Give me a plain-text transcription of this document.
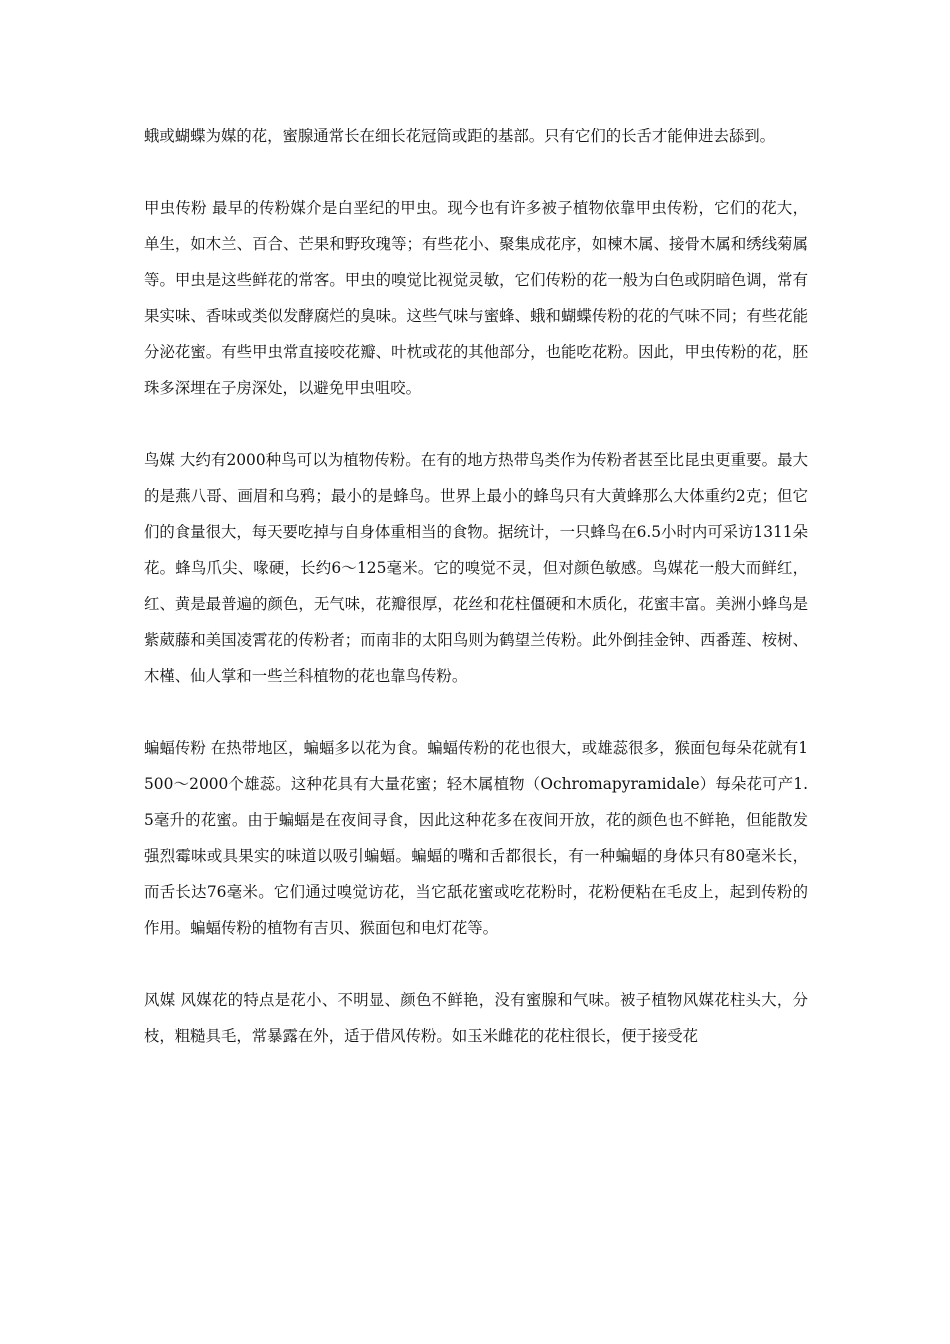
蛾或蝴蝶为媒的花，蜜腺通常长在细长花冠筒或距的基部。只有它们的长舌才能伸进去舔到。

甲虫传粉 最早的传粉媒介是白垩纪的甲虫。现今也有许多被子植物依靠甲虫传粉，它们的花大，单生，如木兰、百合、芒果和野玫瑰等；有些花小、聚集成花序，如楝木属、接骨木属和绣线菊属等。甲虫是这些鲜花的常客。甲虫的嗅觉比视觉灵敏，它们传粉的花一般为白色或阴暗色调，常有果实味、香味或类似发酵腐烂的臭味。这些气味与蜜蜂、蛾和蝴蝶传粉的花的气味不同；有些花能分泌花蜜。有些甲虫常直接咬花瓣、叶枕或花的其他部分，也能吃花粉。因此，甲虫传粉的花，胚珠多深埋在子房深处，以避免甲虫咀咬。

鸟媒 大约有2000种鸟可以为植物传粉。在有的地方热带鸟类作为传粉者甚至比昆虫更重要。最大的是燕八哥、画眉和乌鸦；最小的是蜂鸟。世界上最小的蜂鸟只有大黄蜂那么大体重约2克；但它们的食量很大，每天要吃掉与自身体重相当的食物。据统计，一只蜂鸟在6.5小时内可采访1311朵花。蜂鸟爪尖、喙硬，长约6～125毫米。它的嗅觉不灵，但对颜色敏感。鸟媒花一般大而鲜红，红、黄是最普遍的颜色，无气味，花瓣很厚，花丝和花柱僵硬和木质化，花蜜丰富。美洲小蜂鸟是紫葳藤和美国凌霄花的传粉者；而南非的太阳鸟则为鹤望兰传粉。此外倒挂金钟、西番莲、桉树、木槿、仙人掌和一些兰科植物的花也靠鸟传粉。

蝙蝠传粉 在热带地区，蝙蝠多以花为食。蝙蝠传粉的花也很大，或雄蕊很多，猴面包每朵花就有1500～2000个雄蕊。这种花具有大量花蜜；轻木属植物（Ochromapyramidale）每朵花可产1.5毫升的花蜜。由于蝙蝠是在夜间寻食，因此这种花多在夜间开放，花的颜色也不鲜艳，但能散发强烈霉味或具果实的味道以吸引蝙蝠。蝙蝠的嘴和舌都很长，有一种蝙蝠的身体只有80毫米长，而舌长达76毫米。它们通过嗅觉访花，当它舐花蜜或吃花粉时，花粉便粘在毛皮上，起到传粉的作用。蝙蝠传粉的植物有吉贝、猴面包和电灯花等。

风媒 风媒花的特点是花小、不明显、颜色不鲜艳，没有蜜腺和气味。被子植物风媒花柱头大，分枝，粗糙具毛，常暴露在外，适于借风传粉。如玉米雌花的花柱很长，便于接受花
